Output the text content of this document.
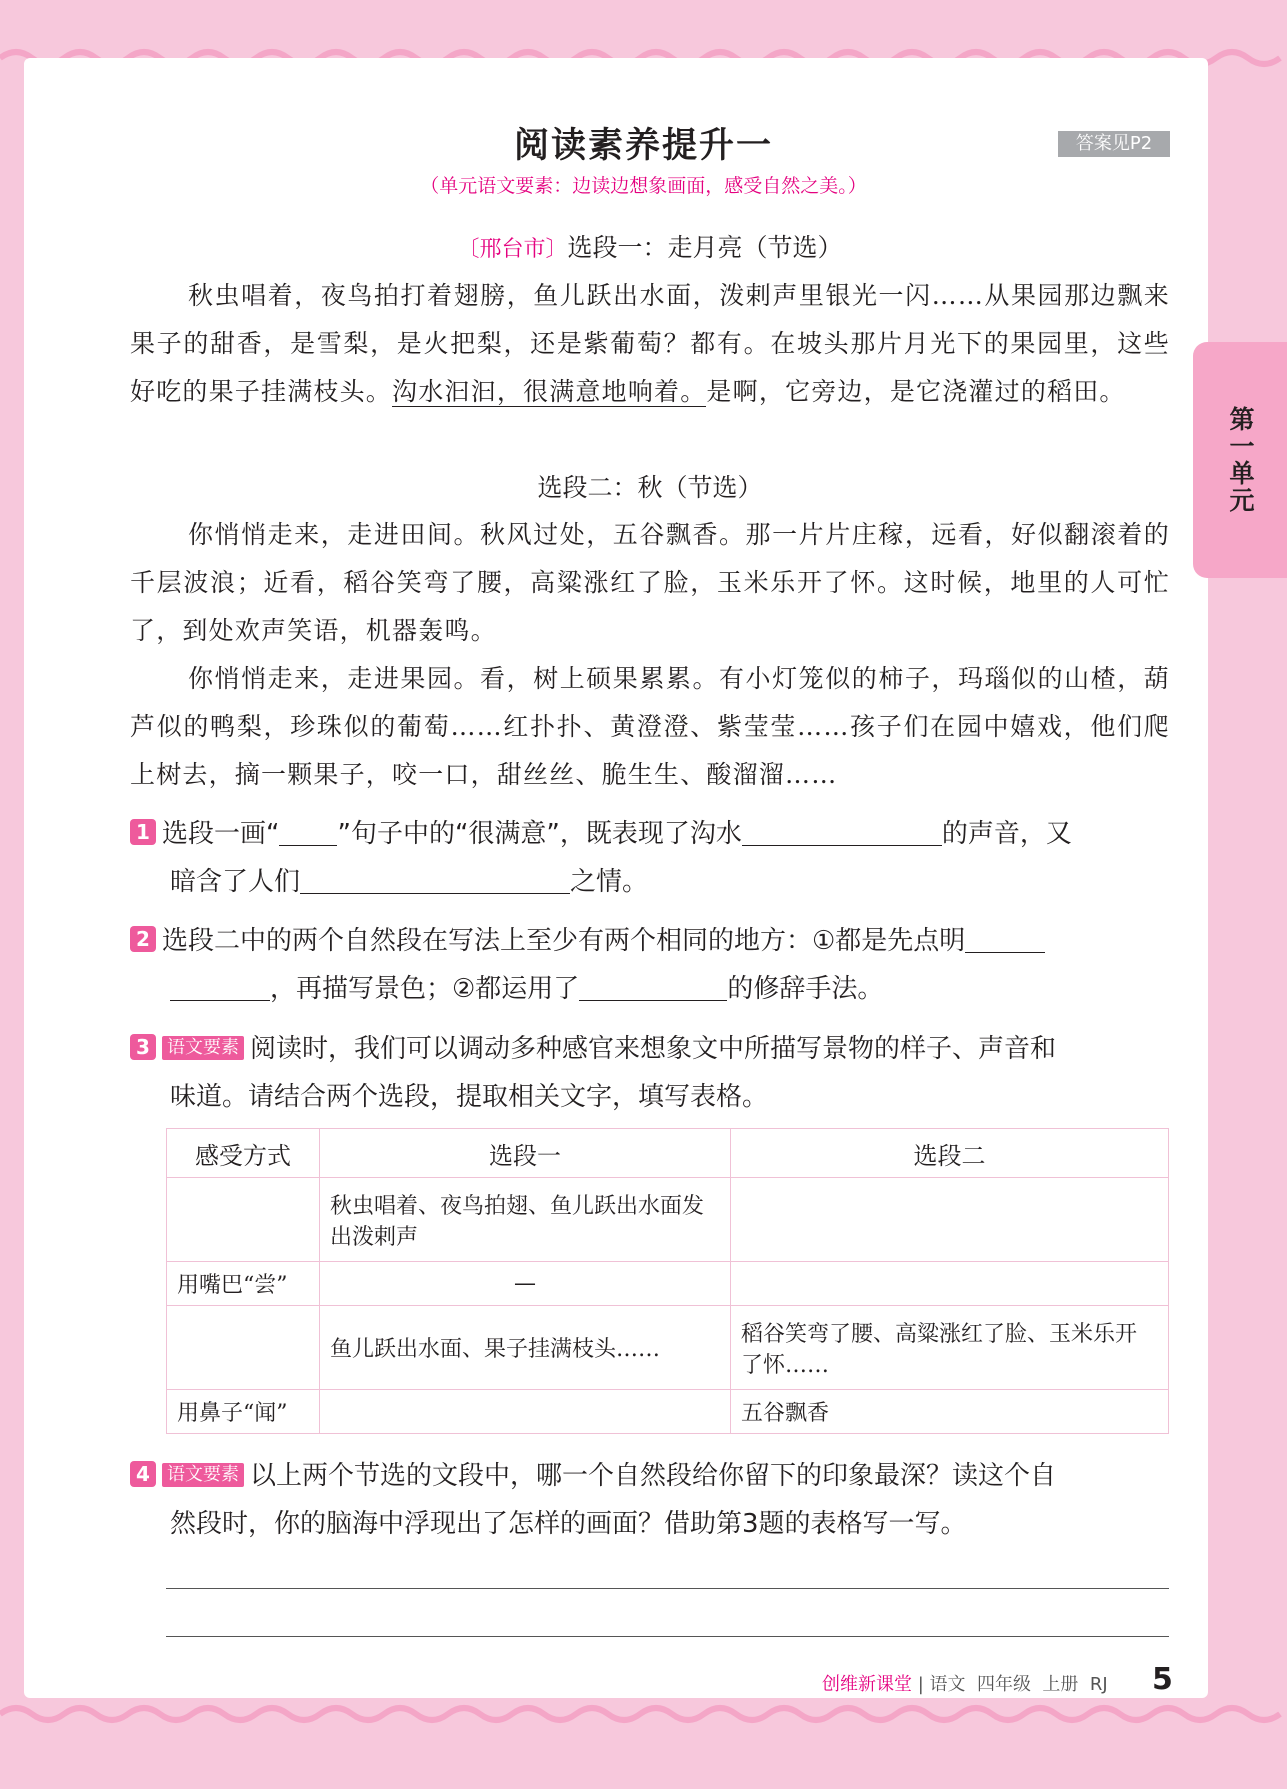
阅读素养提升一	答案见P2
（单元语文要素：边读边想象画面，感受自然之美。）
第一单元
〔邢台市〕选段一：走月亮（节选）

秋虫唱着，夜鸟拍打着翅膀，鱼儿跃出水面，泼剌声里银光一闪……从果园那边飘来果子的甜香，是雪梨，是火把梨，还是紫葡萄？都有。在坡头那片月光下的果园里，这些好吃的果子挂满枝头。沟水汩汩，很满意地响着。是啊，它旁边，是它浇灌过的稻田。

选段二：秋（节选）

你悄悄走来，走进田间。秋风过处，五谷飘香。那一片片庄稼，远看，好似翻滚着的千层波浪；近看，稻谷笑弯了腰，高粱涨红了脸，玉米乐开了怀。这时候，地里的人可忙了，到处欢声笑语，机器轰鸣。

你悄悄走来，走进果园。看，树上硕果累累。有小灯笼似的柿子，玛瑙似的山楂，葫芦似的鸭梨，珍珠似的葡萄……红扑扑、黄澄澄、紫莹莹……孩子们在园中嬉戏，他们爬上树去，摘一颗果子，咬一口，甜丝丝、脆生生、酸溜溜……

1 选段一画“ ”句子中的“很满意”，既表现了沟水	的声音，又
暗含了人们	之情。
2 选段二中的两个自然段在写法上至少有两个相同的地方：①都是先点明
，再描写景色；②都运用了	的修辞手法。
3 语文要素 阅读时，我们可以调动多种感官来想象文中所描写景物的样子、声音和
味道。请结合两个选段，提取相关文字，填写表格。
感受方式	选段一	选段二
	秋虫唱着、夜鸟拍翅、鱼儿跃出水面发出泼剌声	
用嘴巴“尝”	—	
	鱼儿跃出水面、果子挂满枝头……	稻谷笑弯了腰、高粱涨红了脸、玉米乐开了怀……
用鼻子“闻”		五谷飘香
4 语文要素 以上两个节选的文段中，哪一个自然段给你留下的印象最深？读这个自
然段时，你的脑海中浮现出了怎样的画面？借助第3题的表格写一写。
创维新课堂 | 语文  四年级  上册  RJ 5
